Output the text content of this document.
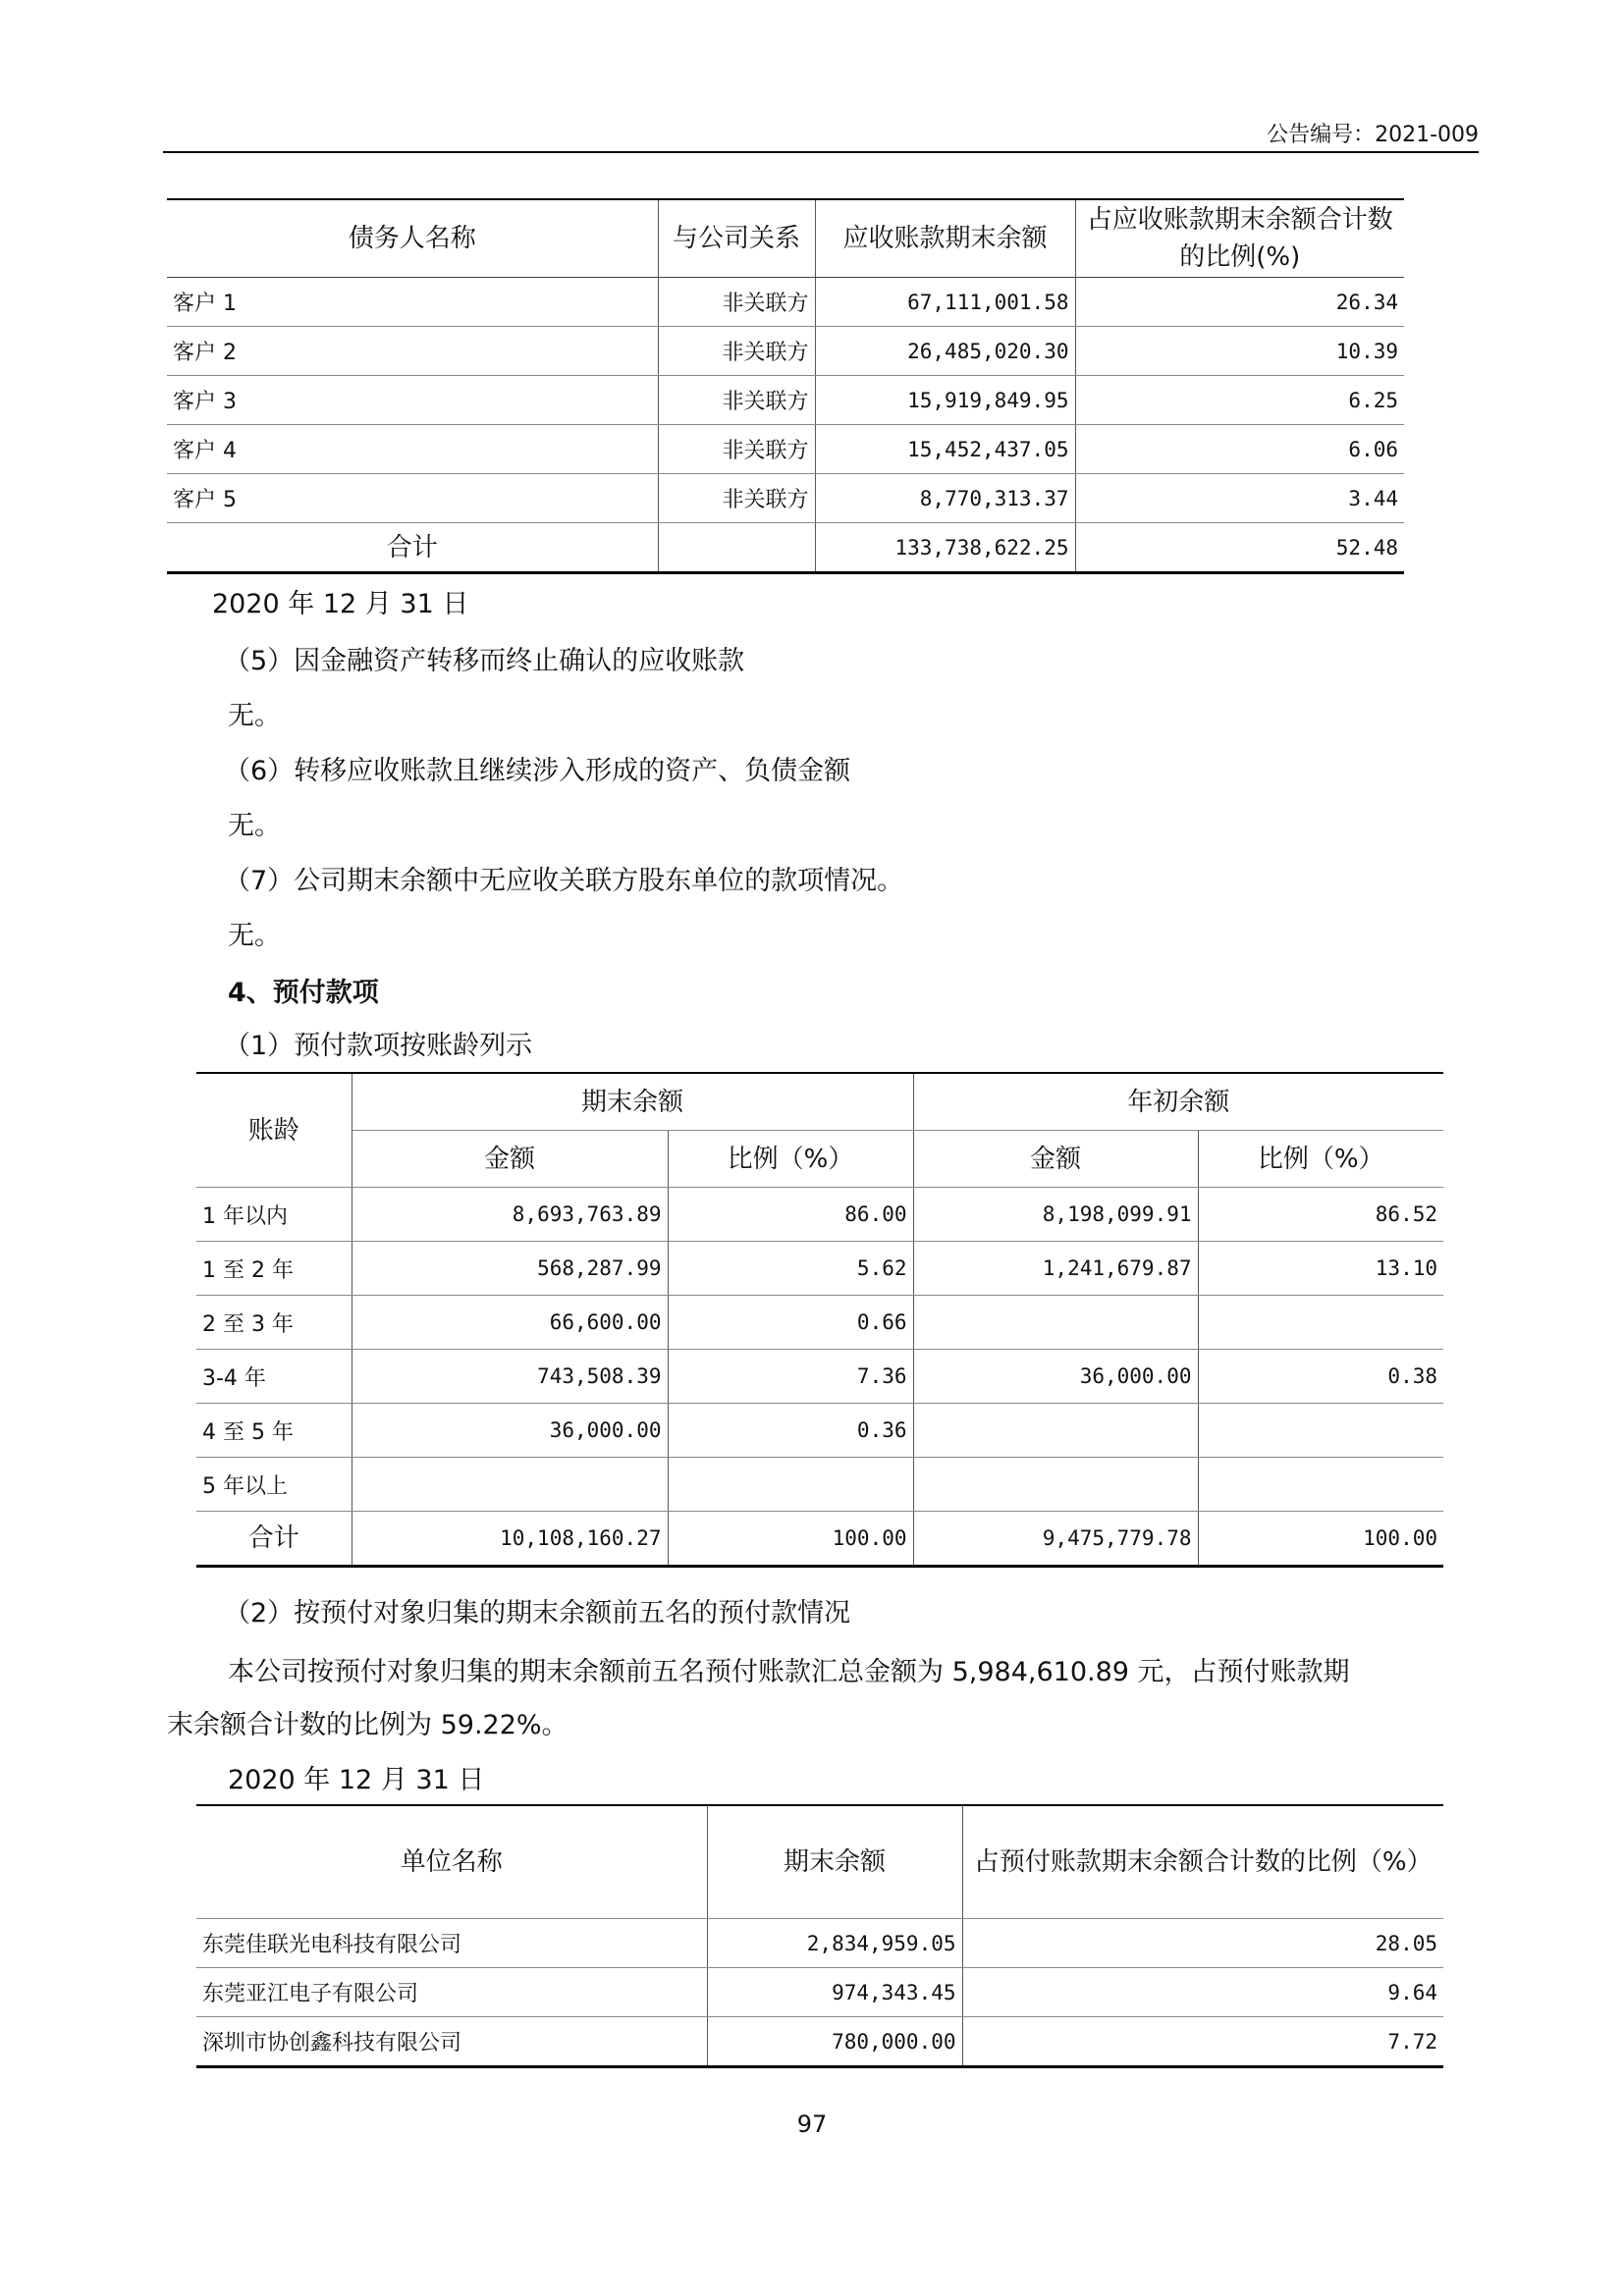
公告编号：2021-009
债务人名称	与公司关系	应收账款期末余额	占应收账款期末余额合计数的比例(%)
客户 1	非关联方	67,111,001.58	26.34
客户 2	非关联方	26,485,020.30	10.39
客户 3	非关联方	15,919,849.95	6.25
客户 4	非关联方	15,452,437.05	6.06
客户 5	非关联方	8,770,313.37	3.44
合计		133,738,622.25	52.48
2020 年 12 月 31 日
（5）因金融资产转移而终止确认的应收账款
无。
（6）转移应收账款且继续涉入形成的资产、负债金额
无。
（7）公司期末余额中无应收关联方股东单位的款项情况。
无。
4、预付款项
（1）预付款项按账龄列示
账龄	期末余额		年初余额	
	金额	比例（%）	金额	比例（%）
1 年以内	8,693,763.89	86.00	8,198,099.91	86.52
1 至 2 年	568,287.99	5.62	1,241,679.87	13.10
2 至 3 年	66,600.00	0.66		
3-4 年	743,508.39	7.36	36,000.00	0.38
4 至 5 年	36,000.00	0.36		
5 年以上				
合计	10,108,160.27	100.00	9,475,779.78	100.00
（2）按预付对象归集的期末余额前五名的预付款情况
本公司按预付对象归集的期末余额前五名预付账款汇总金额为 5,984,610.89 元，占预付账款期
末余额合计数的比例为 59.22%。
2020 年 12 月 31 日
单位名称	期末余额	占预付账款期末余额合计数的比例（%）
东莞佳联光电科技有限公司	2,834,959.05	28.05
东莞亚江电子有限公司	974,343.45	9.64
深圳市协创鑫科技有限公司	780,000.00	7.72
97
